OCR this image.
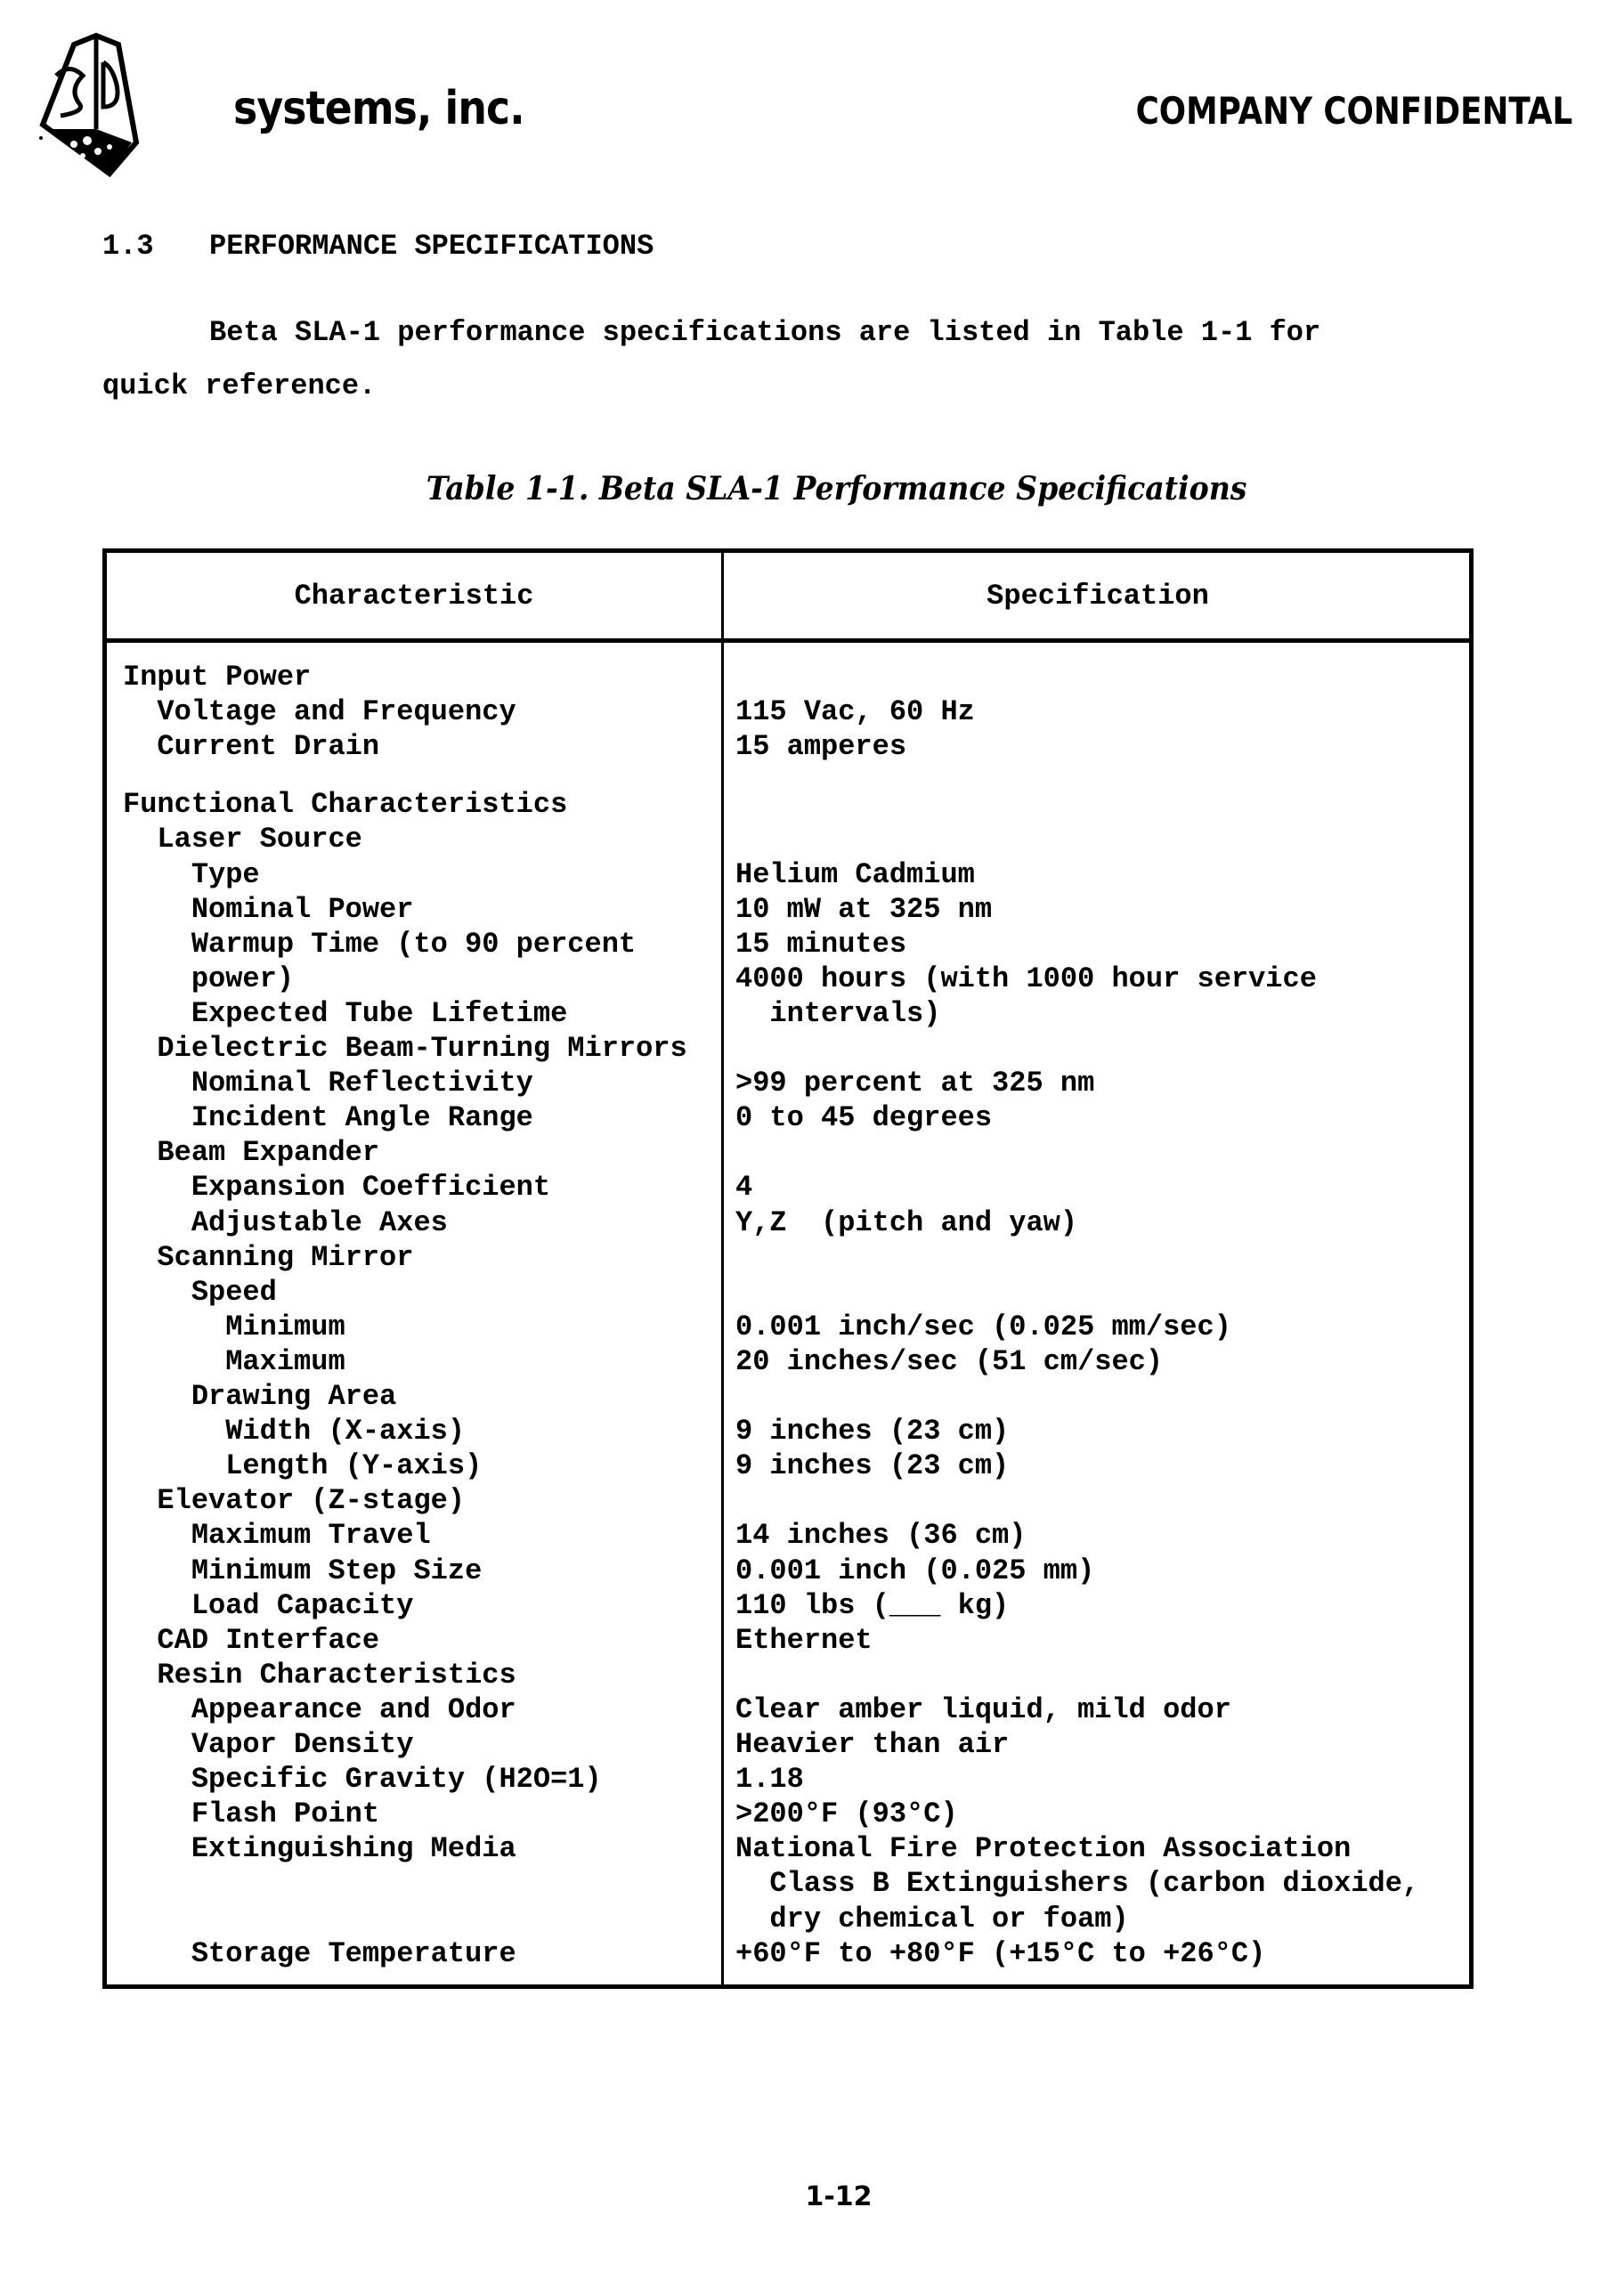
systems, inc.	COMPANY CONFIDENTAL
1.3 PERFORMANCE SPECIFICATIONS
Beta SLA-1 performance specifications are listed in Table 1-1 for
quick reference.
Table 1-1. Beta SLA-1 Performance Specifications
Characteristic	Specification
Input Power
Voltage and Frequency	115 Vac, 60 Hz
Current Drain	15 amperes
Functional Characteristics
Laser Source
Type	Helium Cadmium
Nominal Power	10 mW at 325 nm
Warmup Time (to 90 percent	15 minutes
power)	4000 hours (with 1000 hour service
Expected Tube Lifetime	intervals)
Dielectric Beam-Turning Mirrors
Nominal Reflectivity	>99 percent at 325 nm
Incident Angle Range	0 to 45 degrees
Beam Expander
Expansion Coefficient	4
Adjustable Axes	Y,Z  (pitch and yaw)
Scanning Mirror
Speed
Minimum	0.001 inch/sec (0.025 mm/sec)
Maximum	20 inches/sec (51 cm/sec)
Drawing Area
Width (X-axis)	9 inches (23 cm)
Length (Y-axis)	9 inches (23 cm)
Elevator (Z-stage)
Maximum Travel	14 inches (36 cm)
Minimum Step Size	0.001 inch (0.025 mm)
Load Capacity	110 lbs (___ kg)
CAD Interface	Ethernet
Resin Characteristics
Appearance and Odor	Clear amber liquid, mild odor
Vapor Density	Heavier than air
Specific Gravity (H2O=1)	1.18
Flash Point	>200°F (93°C)
Extinguishing Media	National Fire Protection Association

Class B Extinguishers (carbon dioxide,

dry chemical or foam)
Storage Temperature	+60°F to +80°F (+15°C to +26°C)
1-12
